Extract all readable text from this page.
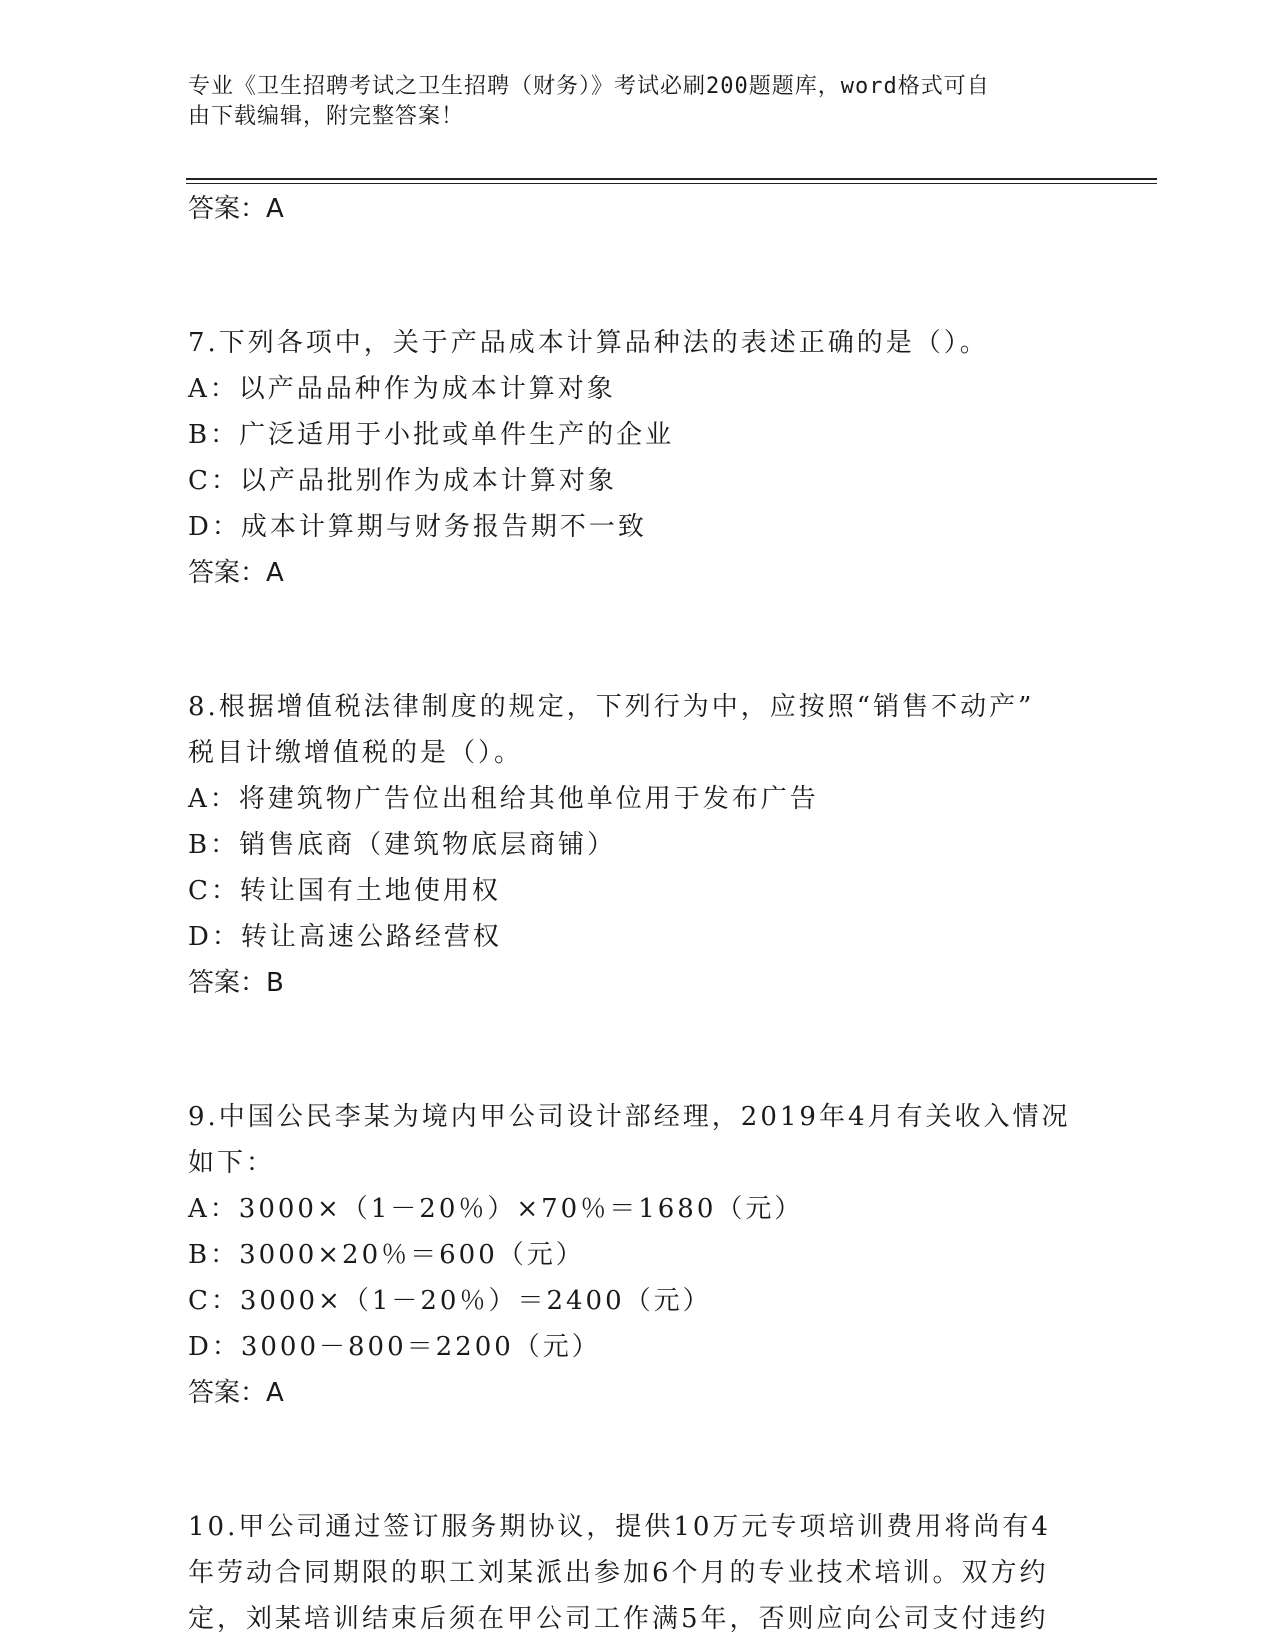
专业《卫生招聘考试之卫生招聘（财务）》考试必刷200题题库，word格式可自
由下载编辑，附完整答案！
答案：A
7.下列各项中，关于产品成本计算品种法的表述正确的是（）。
A：以产品品种作为成本计算对象
B：广泛适用于小批或单件生产的企业
C：以产品批别作为成本计算对象
D：成本计算期与财务报告期不一致
答案：A
8.根据增值税法律制度的规定，下列行为中，应按照“销售不动产”
税目计缴增值税的是（）。
A：将建筑物广告位出租给其他单位用于发布广告
B：销售底商（建筑物底层商铺）
C：转让国有土地使用权
D：转让高速公路经营权
答案：B
9.中国公民李某为境内甲公司设计部经理，2019年4月有关收入情况
如下：
A：3000×（1－20％）×70％＝1680（元）
B：3000×20％＝600（元）
C：3000×（1－20％）＝2400（元）
D：3000－800＝2200（元）
答案：A
10.甲公司通过签订服务期协议，提供10万元专项培训费用将尚有4
年劳动合同期限的职工刘某派出参加6个月的专业技术培训。双方约
定，刘某培训结束后须在甲公司工作满5年，否则应向公司支付违约
